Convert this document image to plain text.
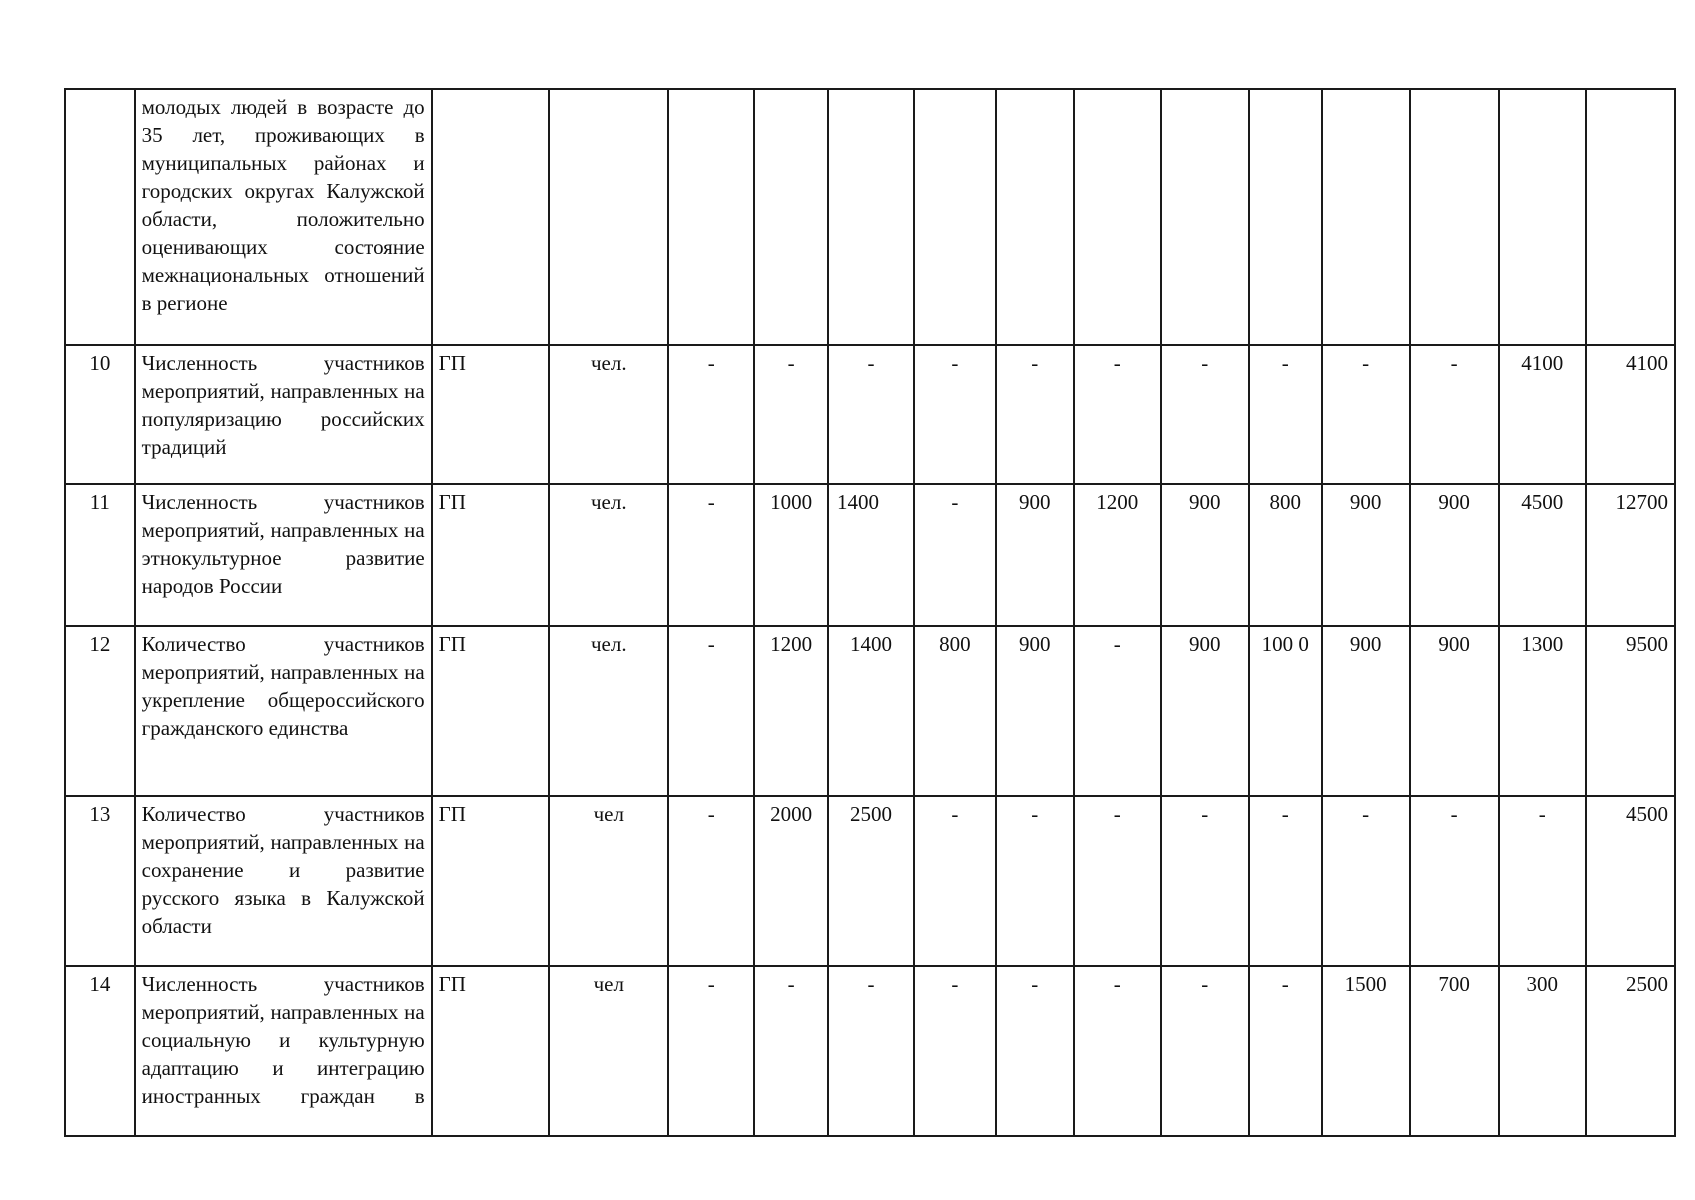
	молодых людей в возрасте до 35 лет, проживающих в муниципальных районах и городских округах Калужской области, положительно оценивающих состояние межнациональных отношений в регионе														
10	Численность участников мероприятий, направленных на популяризацию российских традиций	ГП	чел.	-	-	-	-	-	-	-	-	-	-	4100	4100
11	Численность участников мероприятий, направленных на этнокультурное развитие народов России	ГП	чел.	-	1000	1400	-	900	1200	900	800	900	900	4500	12700
12	Количество участников мероприятий, направленных на укрепление общероссийского гражданского единства	ГП	чел.	-	1200	1400	800	900	-	900	100 0	900	900	1300	9500
13	Количество участников мероприятий, направленных на сохранение и развитие русского языка в Калужской области	ГП	чел	-	2000	2500	-	-	-	-	-	-	-	-	4500
14	Численность участников мероприятий, направленных на социальную и культурную адаптацию и интеграцию иностранных граждан в	ГП	чел	-	-	-	-	-	-	-	-	1500	700	300	2500
